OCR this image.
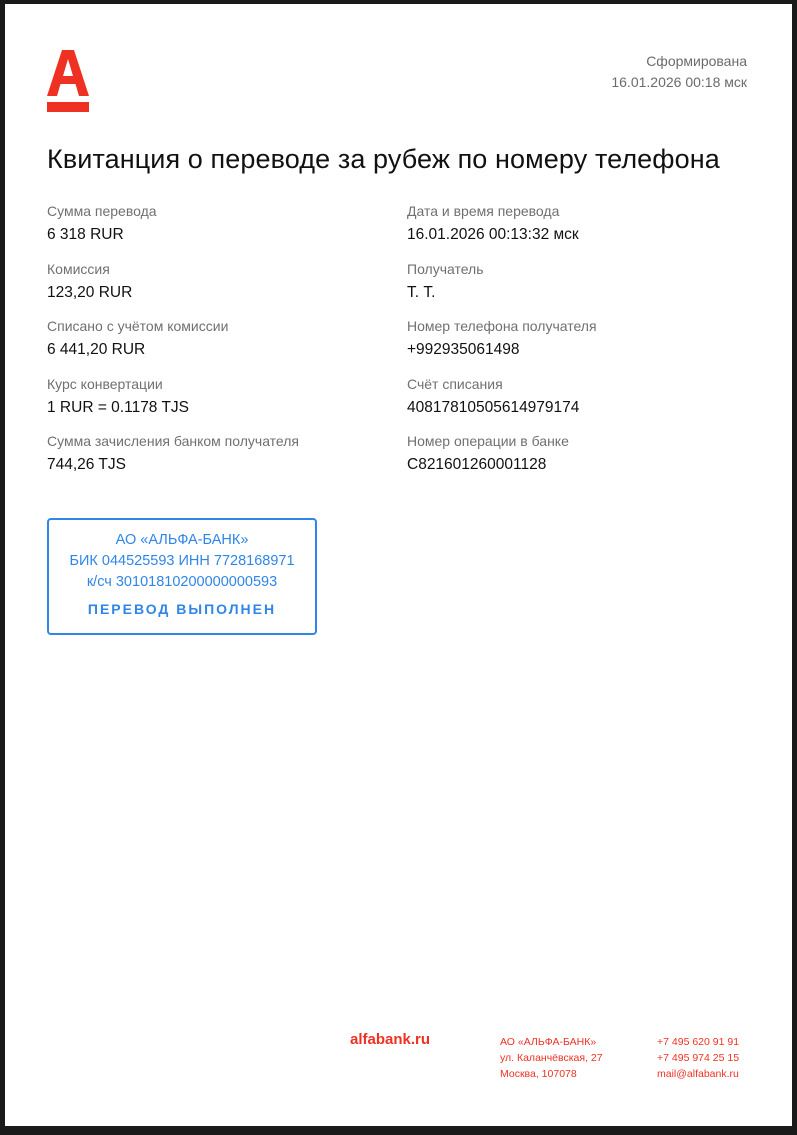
Сформирована
16.01.2026 00:18 мск
Квитанция о переводе за рубеж по номеру телефона
Сумма перевода
6 318 RUR
Комиссия
123,20 RUR
Списано с учётом комиссии
6 441,20 RUR
Курс конвертации
1 RUR = 0.1178 TJS
Сумма зачисления банком получателя
744,26 TJS
Дата и время перевода
16.01.2026 00:13:32 мск
Получатель
Т. Т.
Номер телефона получателя
+992935061498
Счёт списания
40817810505614979174
Номер операции в банке
C821601260001128
АО «АЛЬФА-БАНК»
БИК 044525593 ИНН 7728168971
к/сч 30101810200000000593
ПЕРЕВОД ВЫПОЛНЕН
alfabank.ru	АО «АЛЬФА-БАНК»
ул. Каланчёвская, 27
Москва, 107078
+7 495 620 91 91
+7 495 974 25 15
mail@alfabank.ru
